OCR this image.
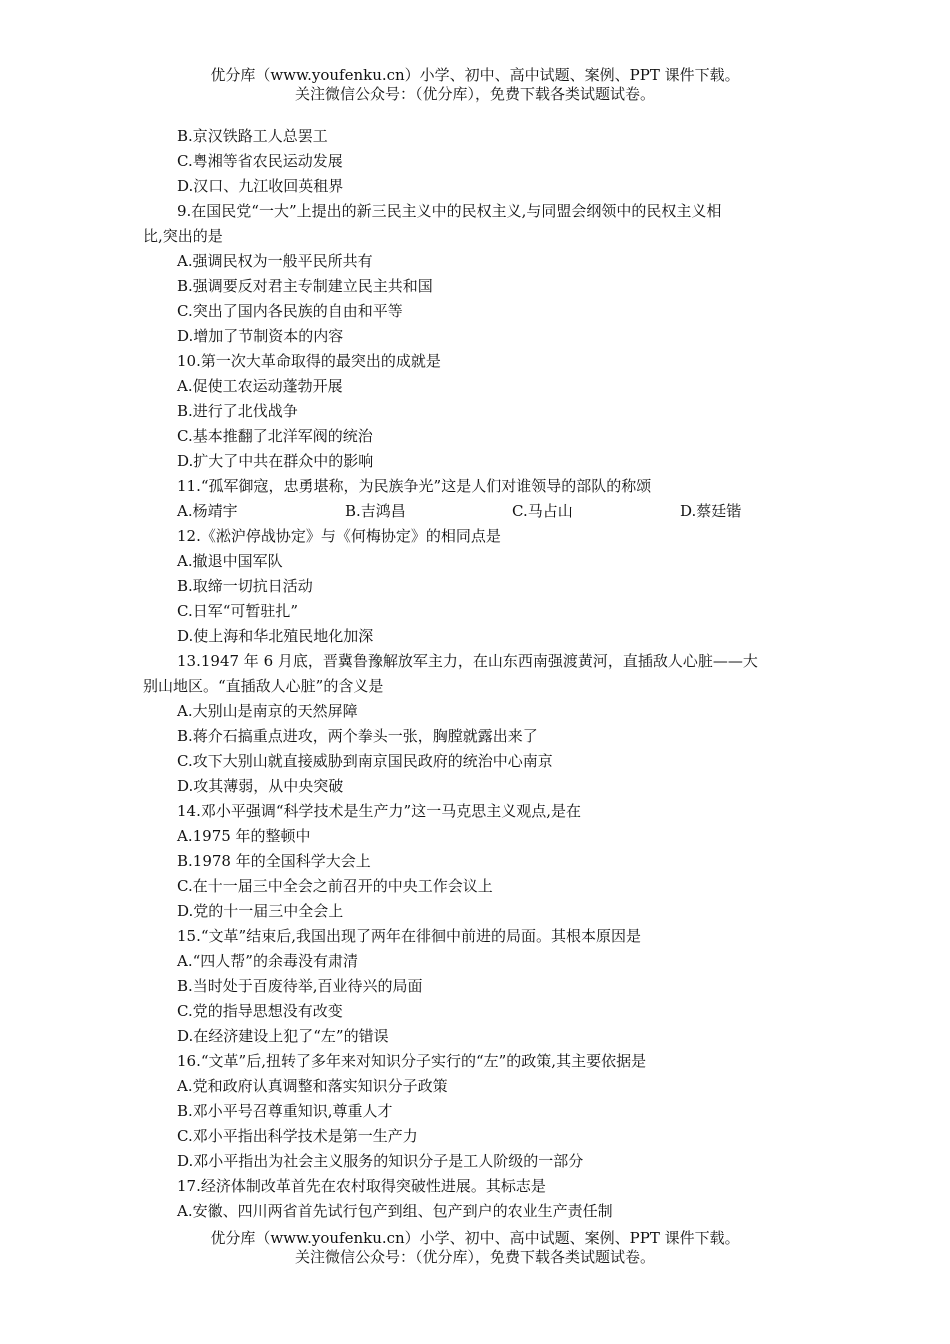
优分库（www.youfenku.cn）小学、初中、高中试题、案例、PPT 课件下载。
关注微信公众号：（优分库），免费下载各类试题试卷。
B.京汉铁路工人总罢工
C.粤湘等省农民运动发展
D.汉口、九江收回英租界
9.在国民党“一大”上提出的新三民主义中的民权主义,与同盟会纲领中的民权主义相
比,突出的是
A.强调民权为一般平民所共有
B.强调要反对君主专制建立民主共和国
C.突出了国内各民族的自由和平等
D.增加了节制资本的内容
10.第一次大革命取得的最突出的成就是
A.促使工农运动蓬勃开展
B.进行了北伐战争
C.基本推翻了北洋军阀的统治
D.扩大了中共在群众中的影响
11.“孤军御寇，忠勇堪称，为民族争光”这是人们对谁领导的部队的称颂
A.杨靖宇	B.吉鸿昌	C.马占山	D.蔡廷锴
12.《淞沪停战协定》与《何梅协定》的相同点是
A.撤退中国军队
B.取缔一切抗日活动
C.日军“可暂驻扎”
D.使上海和华北殖民地化加深
13.1947 年 6 月底，晋冀鲁豫解放军主力，在山东西南强渡黄河，直插敌人心脏——大
别山地区。“直插敌人心脏”的含义是
A.大别山是南京的天然屏障
B.蒋介石搞重点进攻，两个拳头一张，胸膛就露出来了
C.攻下大别山就直接威胁到南京国民政府的统治中心南京
D.攻其薄弱，从中央突破
14.邓小平强调“科学技术是生产力”这一马克思主义观点,是在
A.1975 年的整顿中
B.1978 年的全国科学大会上
C.在十一届三中全会之前召开的中央工作会议上
D.党的十一届三中全会上
15.“文革”结束后,我国出现了两年在徘徊中前进的局面。其根本原因是
A.“四人帮”的余毒没有肃清
B.当时处于百废待举,百业待兴的局面
C.党的指导思想没有改变
D.在经济建设上犯了“左”的错误
16.“文革”后,扭转了多年来对知识分子实行的“左”的政策,其主要依据是
A.党和政府认真调整和落实知识分子政策
B.邓小平号召尊重知识,尊重人才
C.邓小平指出科学技术是第一生产力
D.邓小平指出为社会主义服务的知识分子是工人阶级的一部分
17.经济体制改革首先在农村取得突破性进展。其标志是
A.安徽、四川两省首先试行包产到组、包产到户的农业生产责任制
优分库（www.youfenku.cn）小学、初中、高中试题、案例、PPT 课件下载。
关注微信公众号：（优分库），免费下载各类试题试卷。
